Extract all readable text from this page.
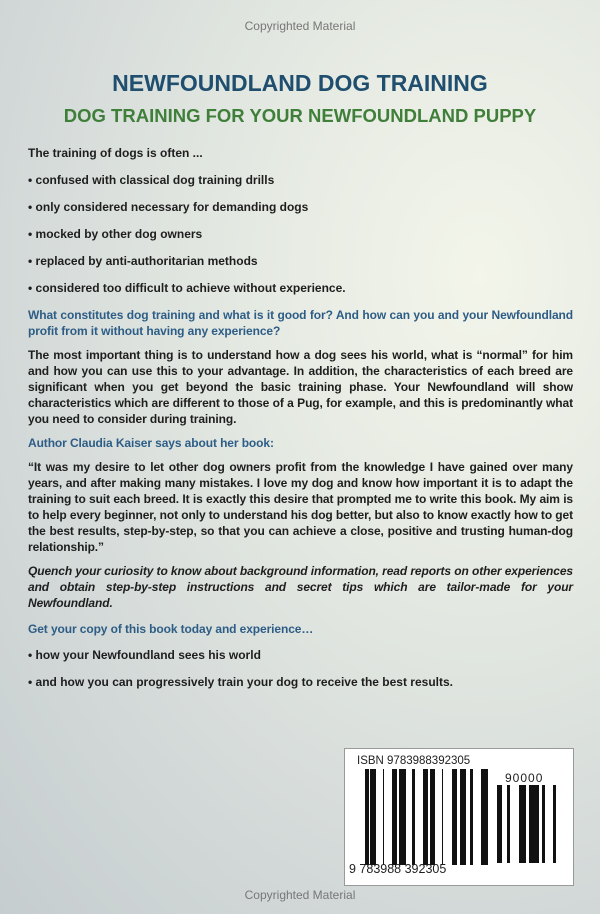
Copyrighted Material
NEWFOUNDLAND DOG TRAINING
DOG TRAINING FOR YOUR NEWFOUNDLAND PUPPY
The training of dogs is often ...
• confused with classical dog training drills
• only considered necessary for demanding dogs
• mocked by other dog owners
• replaced by anti-authoritarian methods
• considered too difficult to achieve without experience.

What constitutes dog training and what is it good for? And how can you and your Newfoundland profit from it without having any experience?

The most important thing is to understand how a dog sees his world, what is “normal” for him and how you can use this to your advantage. In addition, the characteristics of each breed are significant when you get beyond the basic training phase. Your Newfoundland will show characteristics which are different to those of a Pug, for example, and this is predominantly what you need to consider during training.

Author Claudia Kaiser says about her book:

“It was my desire to let other dog owners profit from the knowledge I have gained over many years, and after making many mistakes. I love my dog and know how important it is to adapt the training to suit each breed. It is exactly this desire that prompted me to write this book. My aim is to help every beginner, not only to understand his dog better, but also to know exactly how to get the best results, step-by-step, so that you can achieve a close, positive and trusting human-dog relationship.”

Quench your curiosity to know about background information, read reports on other experiences and obtain step-by-step instructions and secret tips which are tailor-made for your Newfoundland.

Get your copy of this book today and experience…

• how your Newfoundland sees his world
• and how you can progressively train your dog to receive the best results.
ISBN 9783988392305
90000
9 783988 392305
Copyrighted Material
